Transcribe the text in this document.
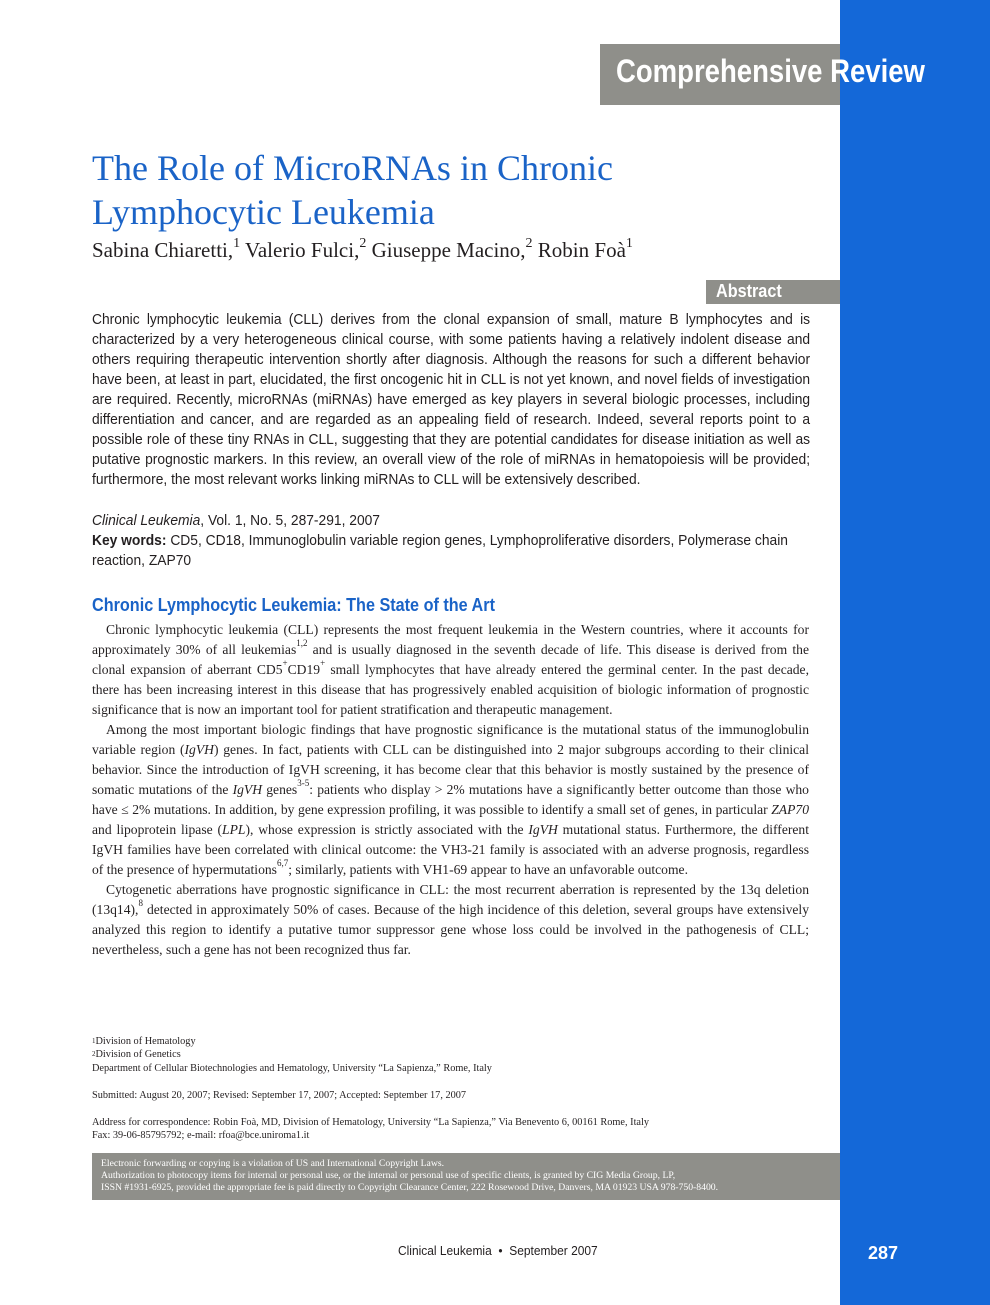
Comprehensive Review
The Role of MicroRNAs in Chronic
Lymphocytic Leukemia
Sabina Chiaretti,$^1$ Valerio Fulci,$^2$ Giuseppe Macino,$^2$ Robin Foà$^1$
Abstract

Chronic lymphocytic leukemia (CLL) derives from the clonal expansion of small, mature B lymphocytes and is characterized by a very heterogeneous clinical course, with some patients having a relatively indolent disease and others requiring therapeutic intervention shortly after diagnosis. Although the reasons for such a different behavior have been, at least in part, elucidated, the first oncogenic hit in CLL is not yet known, and novel fields of investigation are required. Recently, microRNAs (miRNAs) have emerged as key players in several biologic processes, including differentiation and cancer, and are regarded as an appealing field of research. Indeed, several reports point to a possible role of these tiny RNAs in CLL, suggesting that they are potential candidates for disease initiation as well as putative prognostic markers. In this review, an overall view of the role of miRNAs in hematopoiesis will be provided; furthermore, the most relevant works linking miRNAs to CLL will be extensively described.

Clinical Leukemia, Vol. 1, No. 5, 287-291, 2007

Key words: CD5, CD18, Immunoglobulin variable region genes, Lymphoproliferative disorders, Polymerase chain reaction, ZAP70

Chronic Lymphocytic Leukemia: The State of the Art

Chronic lymphocytic leukemia (CLL) represents the most frequent leukemia in the Western countries, where it accounts for approximately 30% of all leukemias$^{1,2}$ and is usually diagnosed in the seventh decade of life. This disease is derived from the clonal expansion of aberrant CD5+CD19+ small lymphocytes that have already entered the germinal center. In the past decade, there has been increasing interest in this disease that has progressively enabled acquisition of biologic information of prognostic significance that is now an important tool for patient stratification and therapeutic management.

Among the most important biologic findings that have prognostic significance is the mutational status of the immunoglobulin variable region (IgVH) genes. In fact, patients with CLL can be distinguished into 2 major subgroups according to their clinical behavior. Since the introduction of IgVH screening, it has become clear that this behavior is mostly sustained by the presence of somatic mutations of the IgVH genes$^{3-5}$: patients who display > 2% mutations have a significantly better outcome than those who have ≤ 2% mutations. In addition, by gene expression profiling, it was possible to identify a small set of genes, in particular ZAP70 and lipoprotein lipase (LPL), whose expression is strictly associated with the IgVH mutational status. Furthermore, the different IgVH families have been correlated with clinical outcome: the VH3-21 family is associated with an adverse prognosis, regardless of the presence of hypermutations$^{6,7}$; similarly, patients with VH1-69 appear to have an unfavorable outcome.

Cytogenetic aberrations have prognostic significance in CLL: the most recurrent aberration is represented by the 13q deletion (13q14),$^8$ detected in approximately 50% of cases. Because of the high incidence of this deletion, several groups have extensively analyzed this region to identify a putative tumor suppressor gene whose loss could be involved in the pathogenesis of CLL; nevertheless, such a gene has not been recognized thus far.

$^1$Division of Hematology
$^2$Division of Genetics
Department of Cellular Biotechnologies and Hematology, University “La Sapienza,” Rome, Italy
Submitted: August 20, 2007; Revised: September 17, 2007; Accepted: September 17, 2007
Address for correspondence: Robin Foà, MD, Division of Hematology, University “La Sapienza,” Via Benevento 6, 00161 Rome, Italy
Fax: 39-06-85795792; e-mail: rfoa@bce.uniroma1.it
Electronic forwarding or copying is a violation of US and International Copyright Laws.
Authorization to photocopy items for internal or personal use, or the internal or personal use of specific clients, is granted by CIG Media Group, LP,
ISSN #1931-6925, provided the appropriate fee is paid directly to Copyright Clearance Center, 222 Rosewood Drive, Danvers, MA 01923 USA 978-750-8400.
Clinical Leukemia • September 2007	287
